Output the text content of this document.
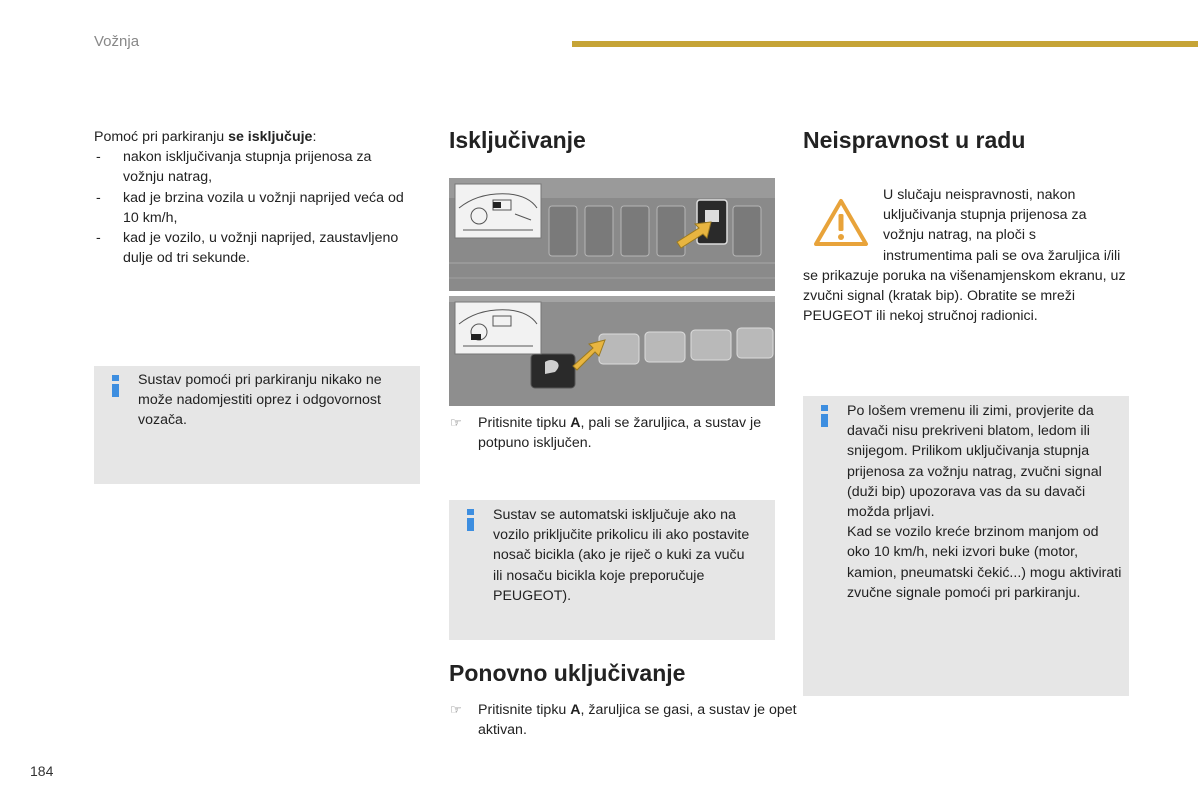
Vožnja
Pomoć pri parkiranju se isključuje:
- nakon isključivanja stupnja prijenosa za vožnju natrag,
- kad je brzina vozila u vožnji naprijed veća od 10 km/h,
- kad je vozilo, u vožnji naprijed, zaustavljeno dulje od tri sekunde.
Sustav pomoći pri parkiranju nikako ne može nadomjestiti oprez i odgovornost vozača.
Isključivanje
☞ Pritisnite tipku A, pali se žaruljica, a sustav je potpuno isključen.
Sustav se automatski isključuje ako na vozilo priključite prikolicu ili ako postavite nosač bicikla (ako je riječ o kuki za vuču ili nosaču bicikla koje preporučuje PEUGEOT).
Ponovno uključivanje
☞ Pritisnite tipku A, žaruljica se gasi, a sustav je opet aktivan.
Neispravnost u radu
U slučaju neispravnosti, nakon uključivanja stupnja prijenosa za vožnju natrag, na ploči s instrumentima pali se ova žaruljica i/ili se prikazuje poruka na višenamjenskom ekranu, uz zvučni signal (kratak bip). Obratite se mreži PEUGEOT ili nekoj stručnoj radionici.
Po lošem vremenu ili zimi, provjerite da davači nisu prekriveni blatom, ledom ili snijegom. Prilikom uključivanja stupnja prijenosa za vožnju natrag, zvučni signal (duži bip) upozorava vas da su davači možda prljavi.
Kad se vozilo kreće brzinom manjom od oko 10 km/h, neki izvori buke (motor, kamion, pneumatski čekić...) mogu aktivirati zvučne signale pomoći pri parkiranju.
184
